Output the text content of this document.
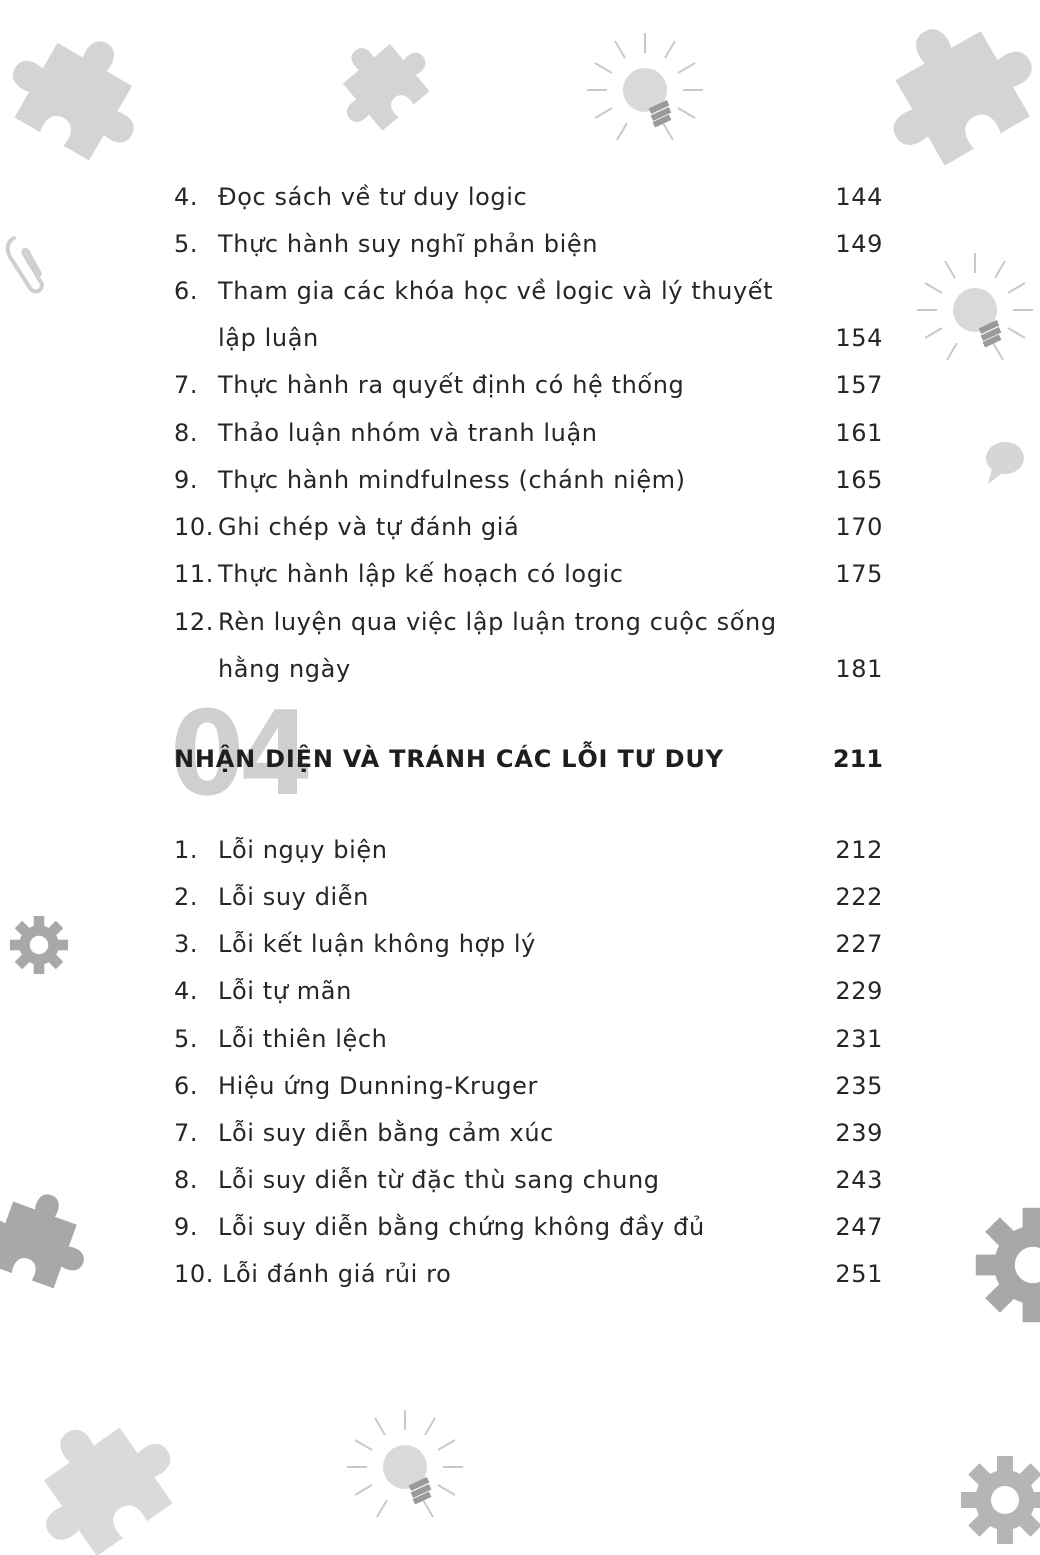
4. Đọc sách về tư duy logic	144
5. Thực hành suy nghĩ phản biện	149
6. Tham gia các khóa học về logic và lý thuyết
lập luận	154
7. Thực hành ra quyết định có hệ thống	157
8. Thảo luận nhóm và tranh luận	161
9. Thực hành mindfulness (chánh niệm)	165
10. Ghi chép và tự đánh giá	170
11. Thực hành lập kế hoạch có logic	175
12. Rèn luyện qua việc lập luận trong cuộc sống
hằng ngày	181
04
NHẬN DIỆN VÀ TRÁNH CÁC LỖI TƯ DUY	211
1. Lỗi ngụy biện	212
2. Lỗi suy diễn	222
3. Lỗi kết luận không hợp lý	227
4. Lỗi tự mãn	229
5. Lỗi thiên lệch	231
6. Hiệu ứng Dunning-Kruger	235
7. Lỗi suy diễn bằng cảm xúc	239
8. Lỗi suy diễn từ đặc thù sang chung	243
9. Lỗi suy diễn bằng chứng không đầy đủ	247
10. Lỗi đánh giá rủi ro	251
